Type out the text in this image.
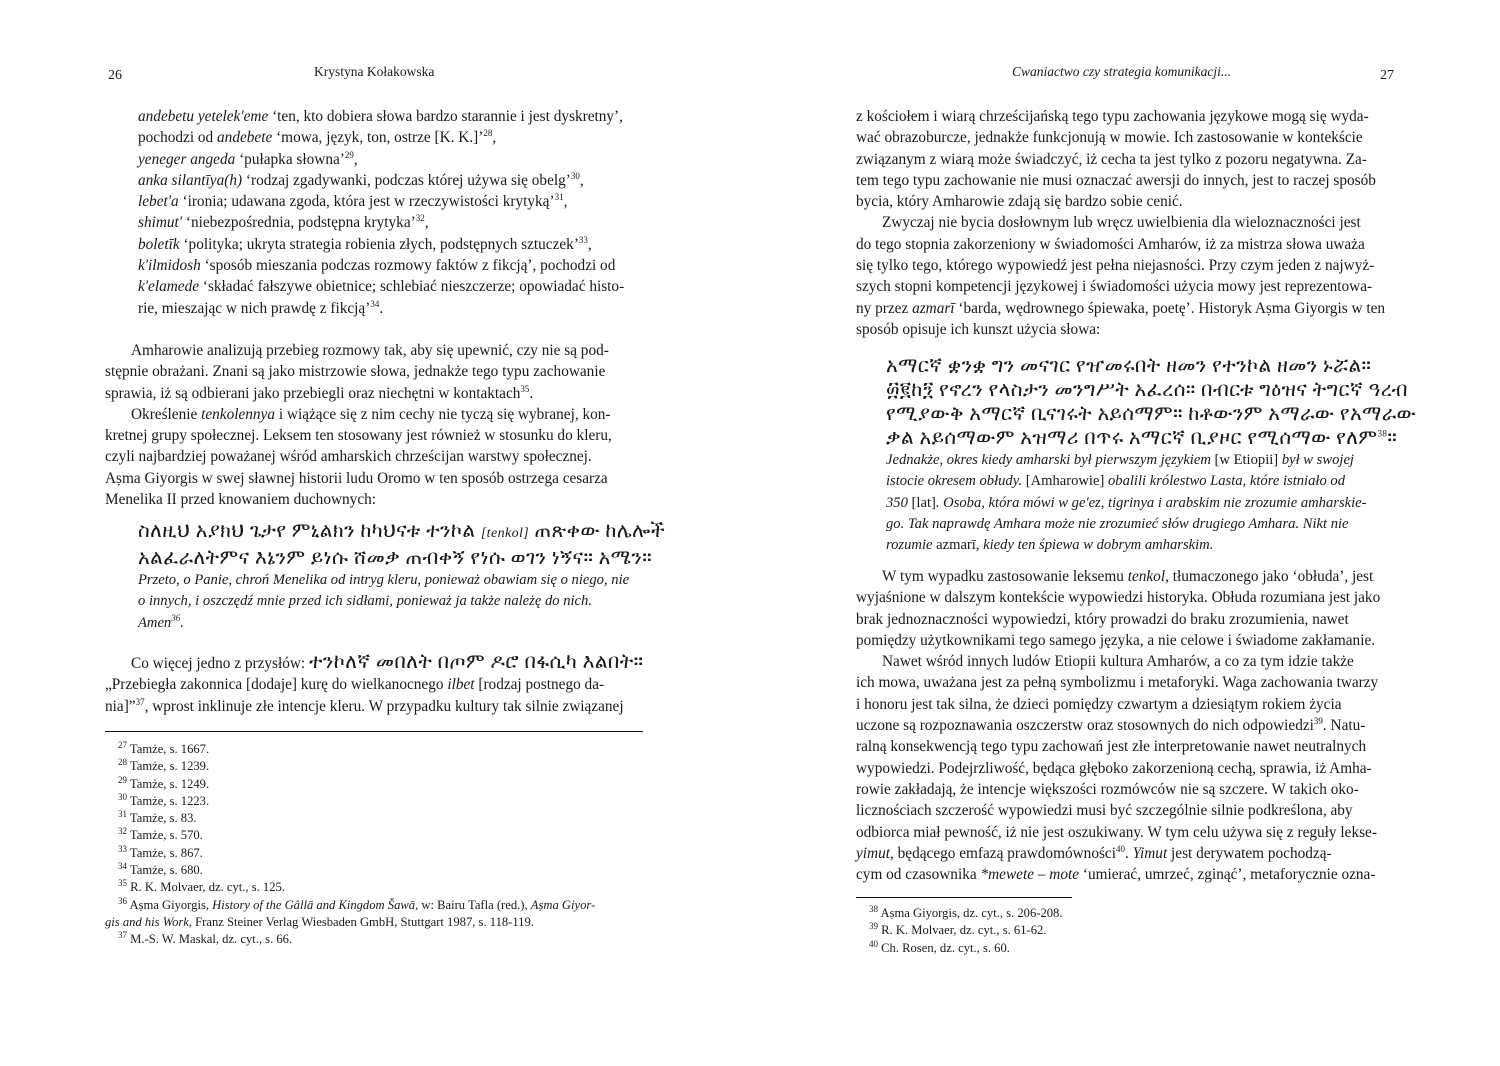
26	Krystyna Kołakowska
andebetu yetelek'eme ‘ten, kto dobiera słowa bardzo starannie i jest dyskretny’,
pochodzi od andebete ‘mowa, język, ton, ostrze [K. K.]’$^{28}$,
yeneger angeda ‘pułapka słowna’$^{29}$,
anka silantīya(h) ‘rodzaj zgadywanki, podczas której używa się obelg’$^{30}$,
lebet'a ‘ironia; udawana zgoda, która jest w rzeczywistości krytyką’$^{31}$,
shimut' ‘niebezpośrednia, podstępna krytyka’$^{32}$,
boletīk ‘polityka; ukryta strategia robienia złych, podstępnych sztuczek’$^{33}$,
k'ilmidosh ‘sposób mieszania podczas rozmowy faktów z fikcją’, pochodzi od
k'elamede ‘składać fałszywe obietnice; schlebiać nieszczerze; opowiadać histo-
rie, mieszając w nich prawdę z fikcją’$^{34}$.
Amharowie analizują przebieg rozmowy tak, aby się upewnić, czy nie są pod-
stępnie obrażani. Znani są jako mistrzowie słowa, jednakże tego typu zachowanie
sprawia, iż są odbierani jako przebiegli oraz niechętni w kontaktach$^{35}$.
Określenie tenkolennya i wiążące się z nim cechy nie tyczą się wybranej, kon-
kretnej grupy społecznej. Leksem ten stosowany jest również w stosunku do kleru,
czyli najbardziej poważanej wśród amharskich chrześcijan warstwy społecznej.
Aṣma Giyorgis w swej sławnej historii ludu Oromo w ten sposób ostrzega cesarza
Menelika II przed knowaniem duchownych:
ስለዚህ አያክህ ጌታየ ምኒልክን ከካህናቱ ተንኮል [tenkol] ጠጽቀው ከሌሎች
አልፈራለትምና እኔንም ይነሱ ሸመቃ ጠብቀኝ የነሱ ወገን ነኝና። አሜን።
Przeto, o Panie, chroń Menelika od intryg kleru, ponieważ obawiam się o niego, nie
o innych, i oszczędź mnie przed ich sidłami, ponieważ ja także należę do nich.
Amen$^{36}$.
Co więcej jedno z przysłów: ተንኮለኛ መበለት በጦም ዶሮ በፋሲካ እልበት።
„Przebiegła zakonnica [dodaje] kurę do wielkanocnego ilbet [rodzaj postnego da-
nia]”$^{37}$, wprost inklinuje złe intencje kleru. W przypadku kultury tak silnie związanej
$^{27}$ Tamże, s. 1667.
$^{28}$ Tamże, s. 1239.
$^{29}$ Tamże, s. 1249.
$^{30}$ Tamże, s. 1223.
$^{31}$ Tamże, s. 83.
$^{32}$ Tamże, s. 570.
$^{33}$ Tamże, s. 867.
$^{34}$ Tamże, s. 680.
$^{35}$ R. K. Molvaer, dz. cyt., s. 125.
$^{36}$ Aṣma Giyorgis, History of the Gâllā and Kingdom Šawā, w: Bairu Tafla (red.), Aṣma Giyor-
gis and his Work, Franz Steiner Verlag Wiesbaden GmbH, Stuttgart 1987, s. 118-119.
$^{37}$ M.-S. W. Maskal, dz. cyt., s. 66.
Cwaniactwo czy strategia komunikacji...	27
z kościołem i wiarą chrześcijańską tego typu zachowania językowe mogą się wyda-
wać obrazoburcze, jednakże funkcjonują w mowie. Ich zastosowanie w kontekście
związanym z wiarą może świadczyć, iż cecha ta jest tylko z pozoru negatywna. Za-
tem tego typu zachowanie nie musi oznaczać awersji do innych, jest to raczej sposób
bycia, który Amharowie zdają się bardzo sobie cenić.
Zwyczaj nie bycia dosłownym lub wręcz uwielbienia dla wieloznaczności jest
do tego stopnia zakorzeniony w świadomości Amharów, iż za mistrza słowa uważa
się tylko tego, którego wypowiedź jest pełna niejasności. Przy czym jeden z najwyż-
szych stopni kompetencji językowej i świadomości użycia mowy jest reprezentowa-
ny przez azmarī ‘barda, wędrownego śpiewaka, poetę’. Historyk Aṣma Giyorgis w ten
sposób opisuje ich kunszt użycia słowa:
አማርኛ ቋንቋ ግን መናገር የዠመሩበት ዘመን የተንኮል ዘመን ኑሯል።
፴፪ከ፺ የኖረን የላስታን መንግሥት አፈረሰ። በብርቱ ግዕዝና ትግርኛ ዓረብ
የሚያውቅ አማርኛ ቢናገሩት አይሰማም። ከቶውንም አማራው የአማራው
ቃል አይሰማውም አዝማሪ በጥሩ አማርኛ ቢያዞር የሚሰማው የለም$^{38}$።
Jednakże, okres kiedy amharski był pierwszym językiem [w Etiopii] był w swojej
istocie okresem obłudy. [Amharowie] obalili królestwo Lasta, które istniało od
350 [lat]. Osoba, która mówi w ge'ez, tigrinya i arabskim nie zrozumie amharskie-
go. Tak naprawdę Amhara może nie zrozumieć słów drugiego Amhara. Nikt nie
rozumie azmarī, kiedy ten śpiewa w dobrym amharskim.
W tym wypadku zastosowanie leksemu tenkol, tłumaczonego jako ‘obłuda’, jest
wyjaśnione w dalszym kontekście wypowiedzi historyka. Obłuda rozumiana jest jako
brak jednoznaczności wypowiedzi, który prowadzi do braku zrozumienia, nawet
pomiędzy użytkownikami tego samego języka, a nie celowe i świadome zakłamanie.
Nawet wśród innych ludów Etiopii kultura Amharów, a co za tym idzie także
ich mowa, uważana jest za pełną symbolizmu i metaforyki. Waga zachowania twarzy
i honoru jest tak silna, że dzieci pomiędzy czwartym a dziesiątym rokiem życia
uczone są rozpoznawania oszczerstw oraz stosownych do nich odpowiedzi$^{39}$. Natu-
ralną konsekwencją tego typu zachowań jest złe interpretowanie nawet neutralnych
wypowiedzi. Podejrzliwość, będąca głęboko zakorzenioną cechą, sprawia, iż Amha-
rowie zakładają, że intencje większości rozmówców nie są szczere. W takich oko-
licznościach szczerość wypowiedzi musi być szczególnie silnie podkreślona, aby
odbiorca miał pewność, iż nie jest oszukiwany. W tym celu używa się z reguły lekse-
yimut, będącego emfazą prawdomówności$^{40}$. Yimut jest derywatem pochodzą-
cym od czasownika *mewete – mote ‘umierać, umrzeć, zginąć’, metaforycznie ozna-
$^{38}$ Aṣma Giyorgis, dz. cyt., s. 206-208.
$^{39}$ R. K. Molvaer, dz. cyt., s. 61-62.
$^{40}$ Ch. Rosen, dz. cyt., s. 60.
